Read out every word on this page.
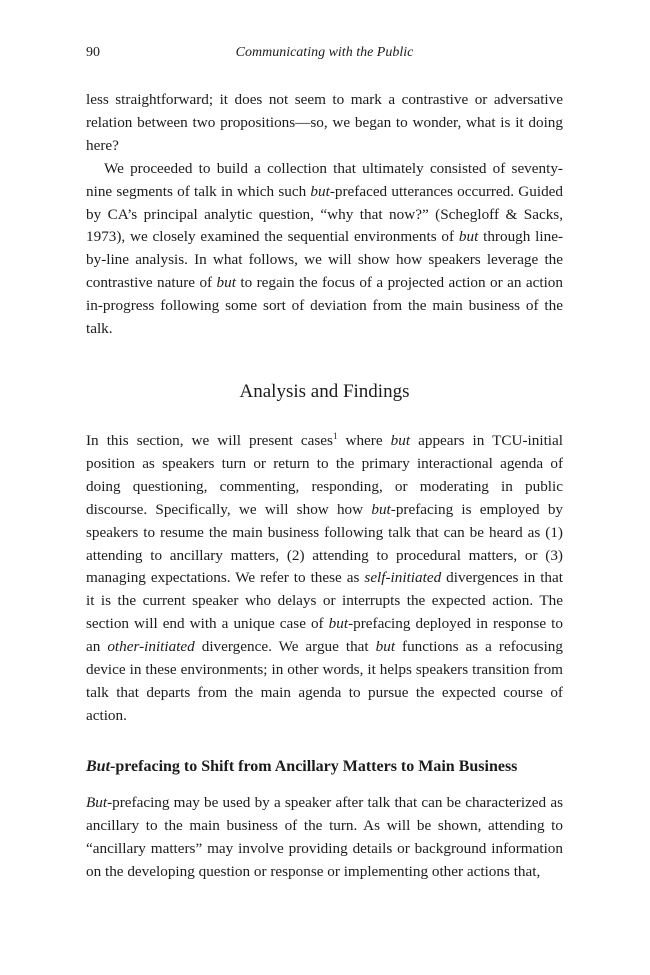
90	Communicating with the Public

less straightforward; it does not seem to mark a contrastive or adversative relation between two propositions—so, we began to wonder, what is it doing here?

We proceeded to build a collection that ultimately consisted of seventy-nine segments of talk in which such but-prefaced utterances occurred. Guided by CA’s principal analytic question, “why that now?” (Schegloff & Sacks, 1973), we closely examined the sequential environments of but through line-by-line analysis. In what follows, we will show how speakers leverage the contrastive nature of but to regain the focus of a projected action or an action in-progress following some sort of deviation from the main business of the talk.

Analysis and Findings

In this section, we will present cases$^1$ where but appears in TCU-initial position as speakers turn or return to the primary interactional agenda of doing questioning, commenting, responding, or moderating in public discourse. Specifically, we will show how but-prefacing is employed by speakers to resume the main business following talk that can be heard as (1) attending to ancillary matters, (2) attending to procedural matters, or (3) managing expectations. We refer to these as self-initiated divergences in that it is the current speaker who delays or interrupts the expected action. The section will end with a unique case of but-prefacing deployed in response to an other-initiated divergence. We argue that but functions as a refocusing device in these environments; in other words, it helps speakers transition from talk that departs from the main agenda to pursue the expected course of action.

But-prefacing to Shift from Ancillary Matters to Main Business

But-prefacing may be used by a speaker after talk that can be characterized as ancillary to the main business of the turn. As will be shown, attending to “ancillary matters” may involve providing details or background information on the developing question or response or implementing other actions that,
